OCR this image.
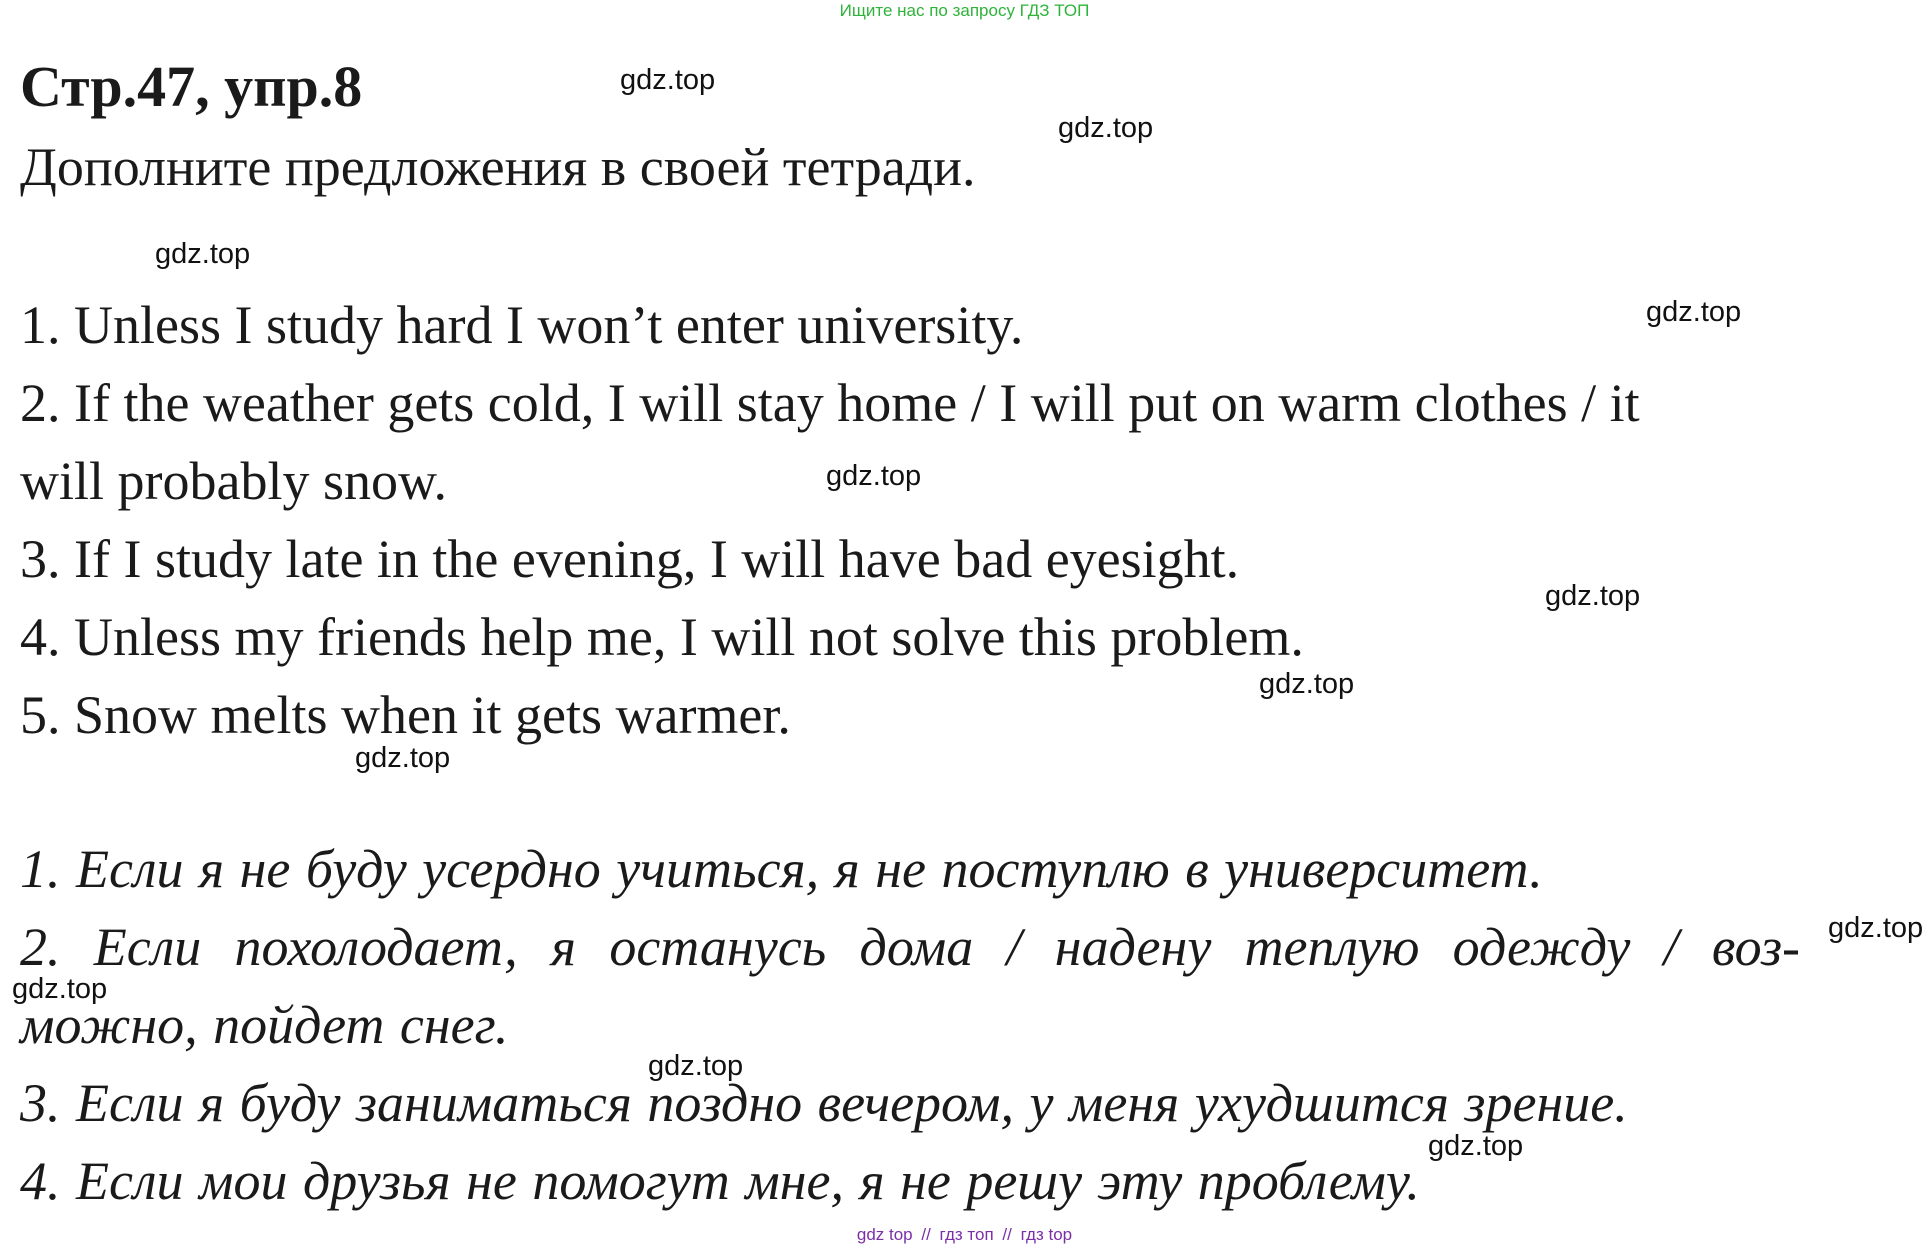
Ищите нас по запросу ГДЗ ТОП
Стр.47, упр.8
Дополните предложения в своей тетради.
1. Unless I study hard I won’t enter university.
2. If the weather gets cold, I will stay home / I will put on warm clothes / it
will probably snow.
3. If I study late in the evening, I will have bad eyesight.
4. Unless my friends help me, I will not solve this problem.
5. Snow melts when it gets warmer.
1. Если я не буду усердно учиться, я не поступлю в университет.
2. Если похолодает, я останусь дома / надену теплую одежду / воз-
можно, пойдет снег.
3. Если я буду заниматься поздно вечером, у меня ухудшится зрение.
4. Если мои друзья не помогут мне, я не решу эту проблему.
gdz.top
gdz.top
gdz.top
gdz.top
gdz.top
gdz.top
gdz.top
gdz.top
gdz.top
gdz.top
gdz.top
gdz.top
gdz top // гдз топ // гдз top
